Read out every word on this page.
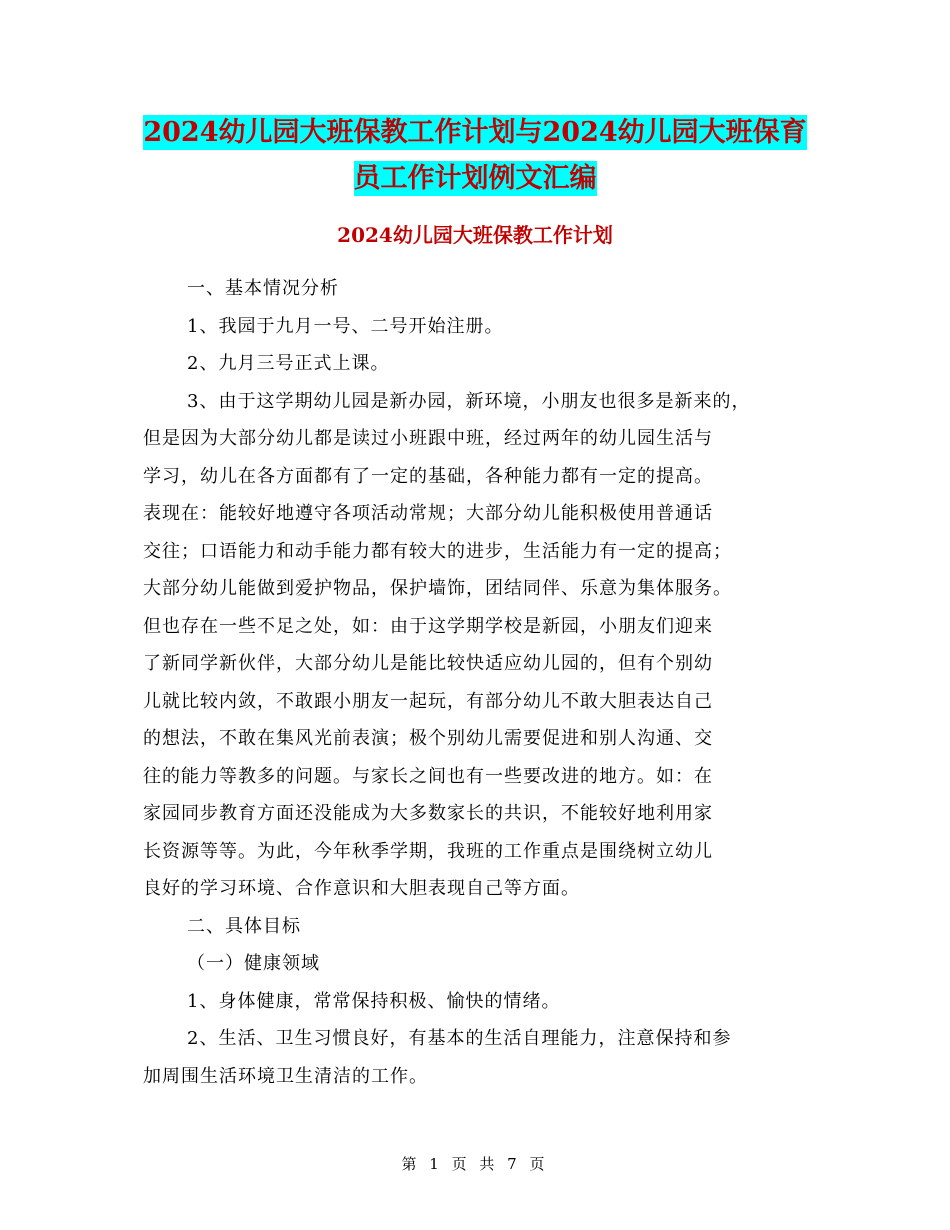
2024幼儿园大班保教工作计划与2024幼儿园大班保育
员工作计划例文汇编
2024幼儿园大班保教工作计划
一、基本情况分析
1、我园于九月一号、二号开始注册。
2、九月三号正式上课。
3、由于这学期幼儿园是新办园，新环境，小朋友也很多是新来的，
但是因为大部分幼儿都是读过小班跟中班，经过两年的幼儿园生活与
学习，幼儿在各方面都有了一定的基础，各种能力都有一定的提高。
表现在：能较好地遵守各项活动常规；大部分幼儿能积极使用普通话
交往；口语能力和动手能力都有较大的进步，生活能力有一定的提高；
大部分幼儿能做到爱护物品，保护墙饰，团结同伴、乐意为集体服务。
但也存在一些不足之处，如：由于这学期学校是新园，小朋友们迎来
了新同学新伙伴，大部分幼儿是能比较快适应幼儿园的，但有个别幼
儿就比较内敛，不敢跟小朋友一起玩，有部分幼儿不敢大胆表达自己
的想法，不敢在集风光前表演；极个别幼儿需要促进和别人沟通、交
往的能力等教多的问题。与家长之间也有一些要改进的地方。如：在
家园同步教育方面还没能成为大多数家长的共识，不能较好地利用家
长资源等等。为此，今年秋季学期，我班的工作重点是围绕树立幼儿
良好的学习环境、合作意识和大胆表现自己等方面。
二、具体目标
（一）健康领域
1、身体健康，常常保持积极、愉快的情绪。
2、生活、卫生习惯良好，有基本的生活自理能力，注意保持和参
加周围生活环境卫生清洁的工作。
第 1 页 共 7 页
